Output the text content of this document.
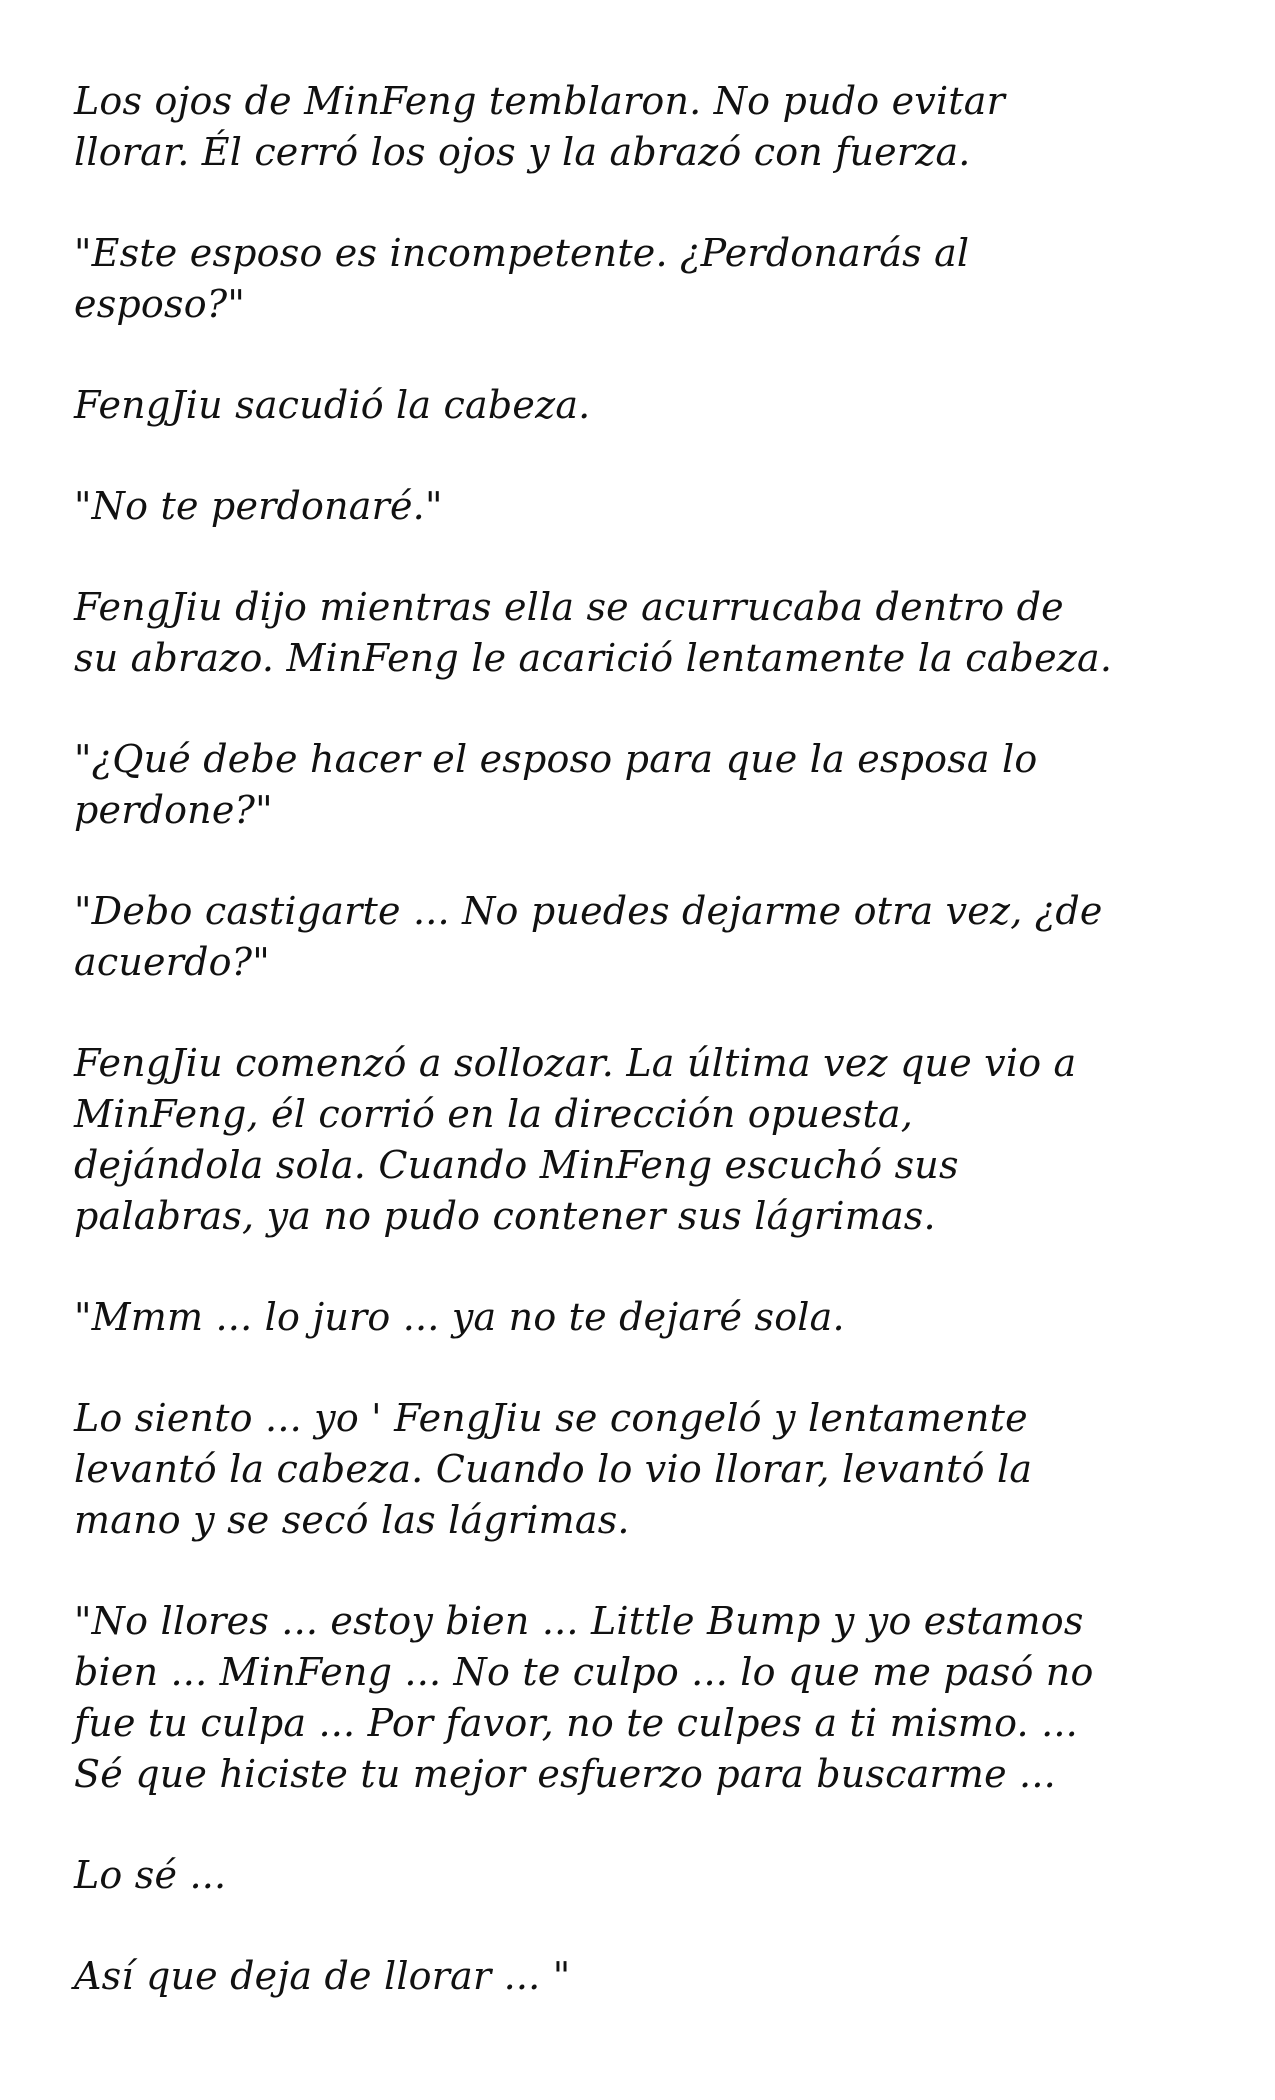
Los ojos de MinFeng temblaron. No pudo evitar
llorar. Él cerró los ojos y la abrazó con fuerza.
"Este esposo es incompetente. ¿Perdonarás al
esposo?"
FengJiu sacudió la cabeza.
"No te perdonaré."
FengJiu dijo mientras ella se acurrucaba dentro de
su abrazo. MinFeng le acarició lentamente la cabeza.
"¿Qué debe hacer el esposo para que la esposa lo
perdone?"
"Debo castigarte ... No puedes dejarme otra vez, ¿de
acuerdo?"
FengJiu comenzó a sollozar. La última vez que vio a
MinFeng, él corrió en la dirección opuesta,
dejándola sola. Cuando MinFeng escuchó sus
palabras, ya no pudo contener sus lágrimas.
"Mmm ... lo juro ... ya no te dejaré sola.
Lo siento ... yo ' FengJiu se congeló y lentamente
levantó la cabeza. Cuando lo vio llorar, levantó la
mano y se secó las lágrimas.
"No llores ... estoy bien ... Little Bump y yo estamos
bien ... MinFeng ... No te culpo ... lo que me pasó no
fue tu culpa ... Por favor, no te culpes a ti mismo. ...
Sé que hiciste tu mejor esfuerzo para buscarme ...
Lo sé ...
Así que deja de llorar ... "
